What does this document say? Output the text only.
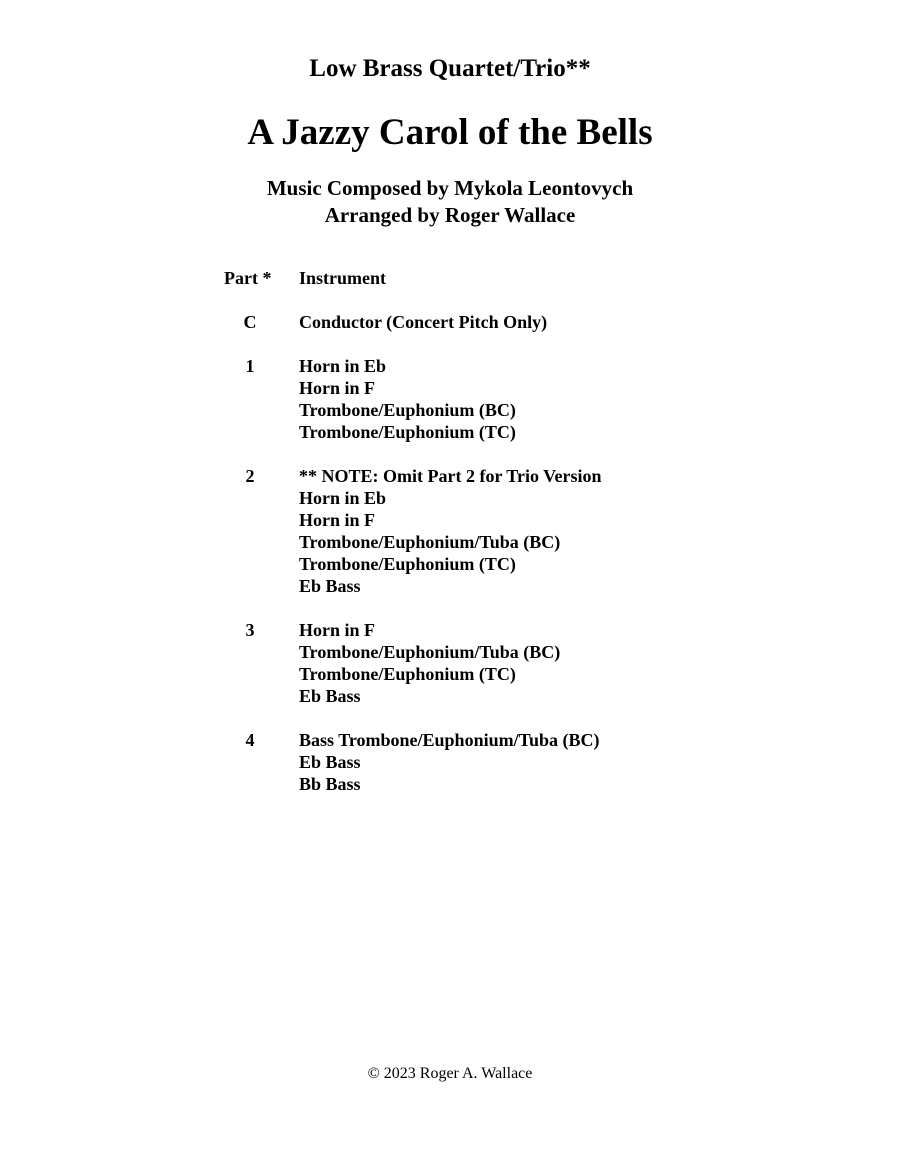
Low Brass Quartet/Trio**
A Jazzy Carol of the Bells
Music Composed by Mykola Leontovych
Arranged by Roger Wallace
Part *	Instrument
C	Conductor (Concert Pitch Only)
1	Horn in Eb
Horn in F
Trombone/Euphonium (BC)
Trombone/Euphonium (TC)
2	** NOTE: Omit Part 2 for Trio Version
Horn in Eb
Horn in F
Trombone/Euphonium/Tuba (BC)
Trombone/Euphonium (TC)
Eb Bass
3	Horn in F
Trombone/Euphonium/Tuba (BC)
Trombone/Euphonium (TC)
Eb Bass
4	Bass Trombone/Euphonium/Tuba (BC)
Eb Bass
Bb Bass
© 2023 Roger A. Wallace
